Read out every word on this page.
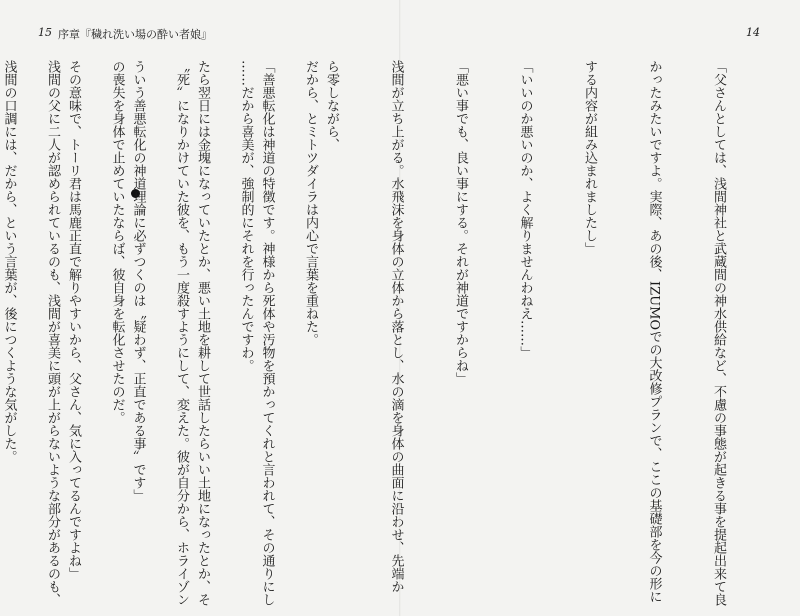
15 序章『穢れ洗い場の酔い者娘』

だから、とミトツダイラは内心で言葉を重ねた。

……だから喜美が、強制的にそれを行ったんですわ。

〝死〟になりかけていた彼を、もう一度殺すようにして、変えた。彼が自分から、ホライゾン

の喪失を身体で止めていたならば、彼自身を転化させたのだ。

浅間の父に二人が認められているのも、浅間が喜美に頭が上がらないような部分があるのも、

14

「父さんとしては、浅間神社と武蔵間の神水供給など、不慮の事態が起きる事を提起出来て良

かったみたいですよ。実際、あの後、IZUMOでの大改修プランで、ここの基礎部を今の形に

する内容が組み込まれましたし」

「いいのか悪いのか、よく解りませんわねえ……」

「悪い事でも、良い事にする。それが神道ですからね」

浅間が立ち上がる。水飛沫を身体の立体から落とし、水の滴を身体の曲面に沿わせ、先端か

ら零しながら、

「善悪転化は神道の特徴です。神様から死体や汚物を預かってくれと言われて、その通りにし

たら翌日には金塊になっていたとか、悪い土地を耕して世話したらいい土地になったとか、そ

ういう善悪転化の神道理論に必ずつくのは〝疑わず、正直である事〟です」

その意味で、トーリ君は馬鹿正直で解りやすいから、父さん、気に入ってるんですよね」

浅間の口調には、だから、という言葉が、後につくような気がした。
